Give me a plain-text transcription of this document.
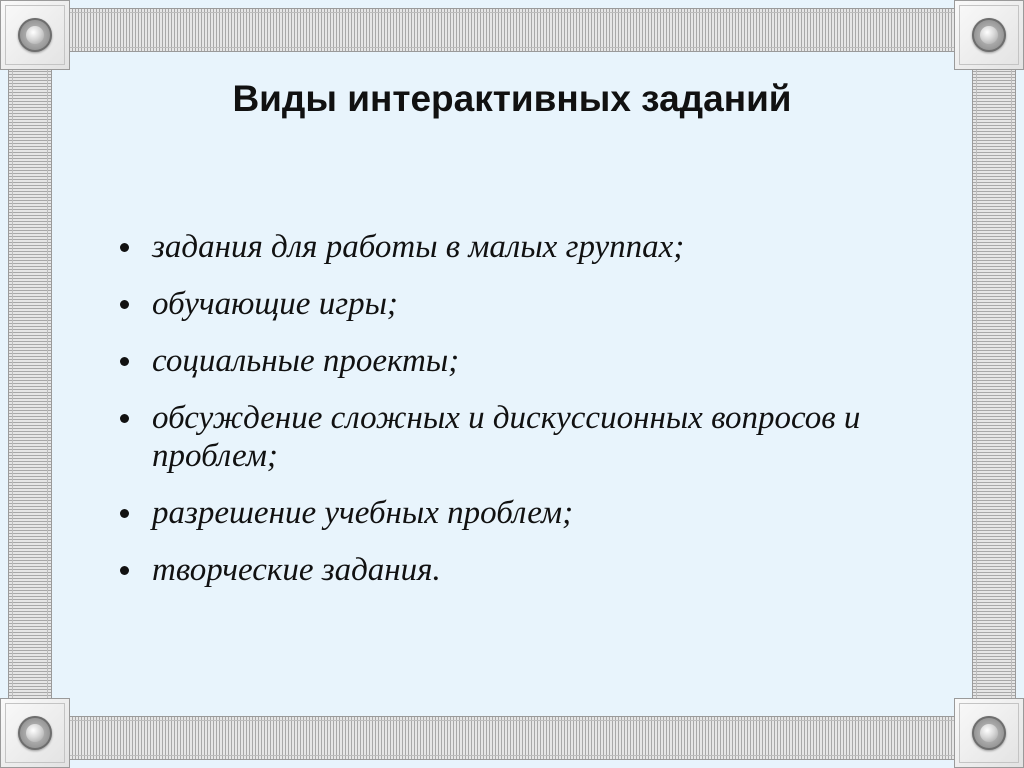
Виды интерактивных заданий
задания для работы в малых группах;
обучающие игры;
социальные проекты;
обсуждение сложных и дискуссионных вопросов и проблем;
разрешение учебных проблем;
творческие задания.
